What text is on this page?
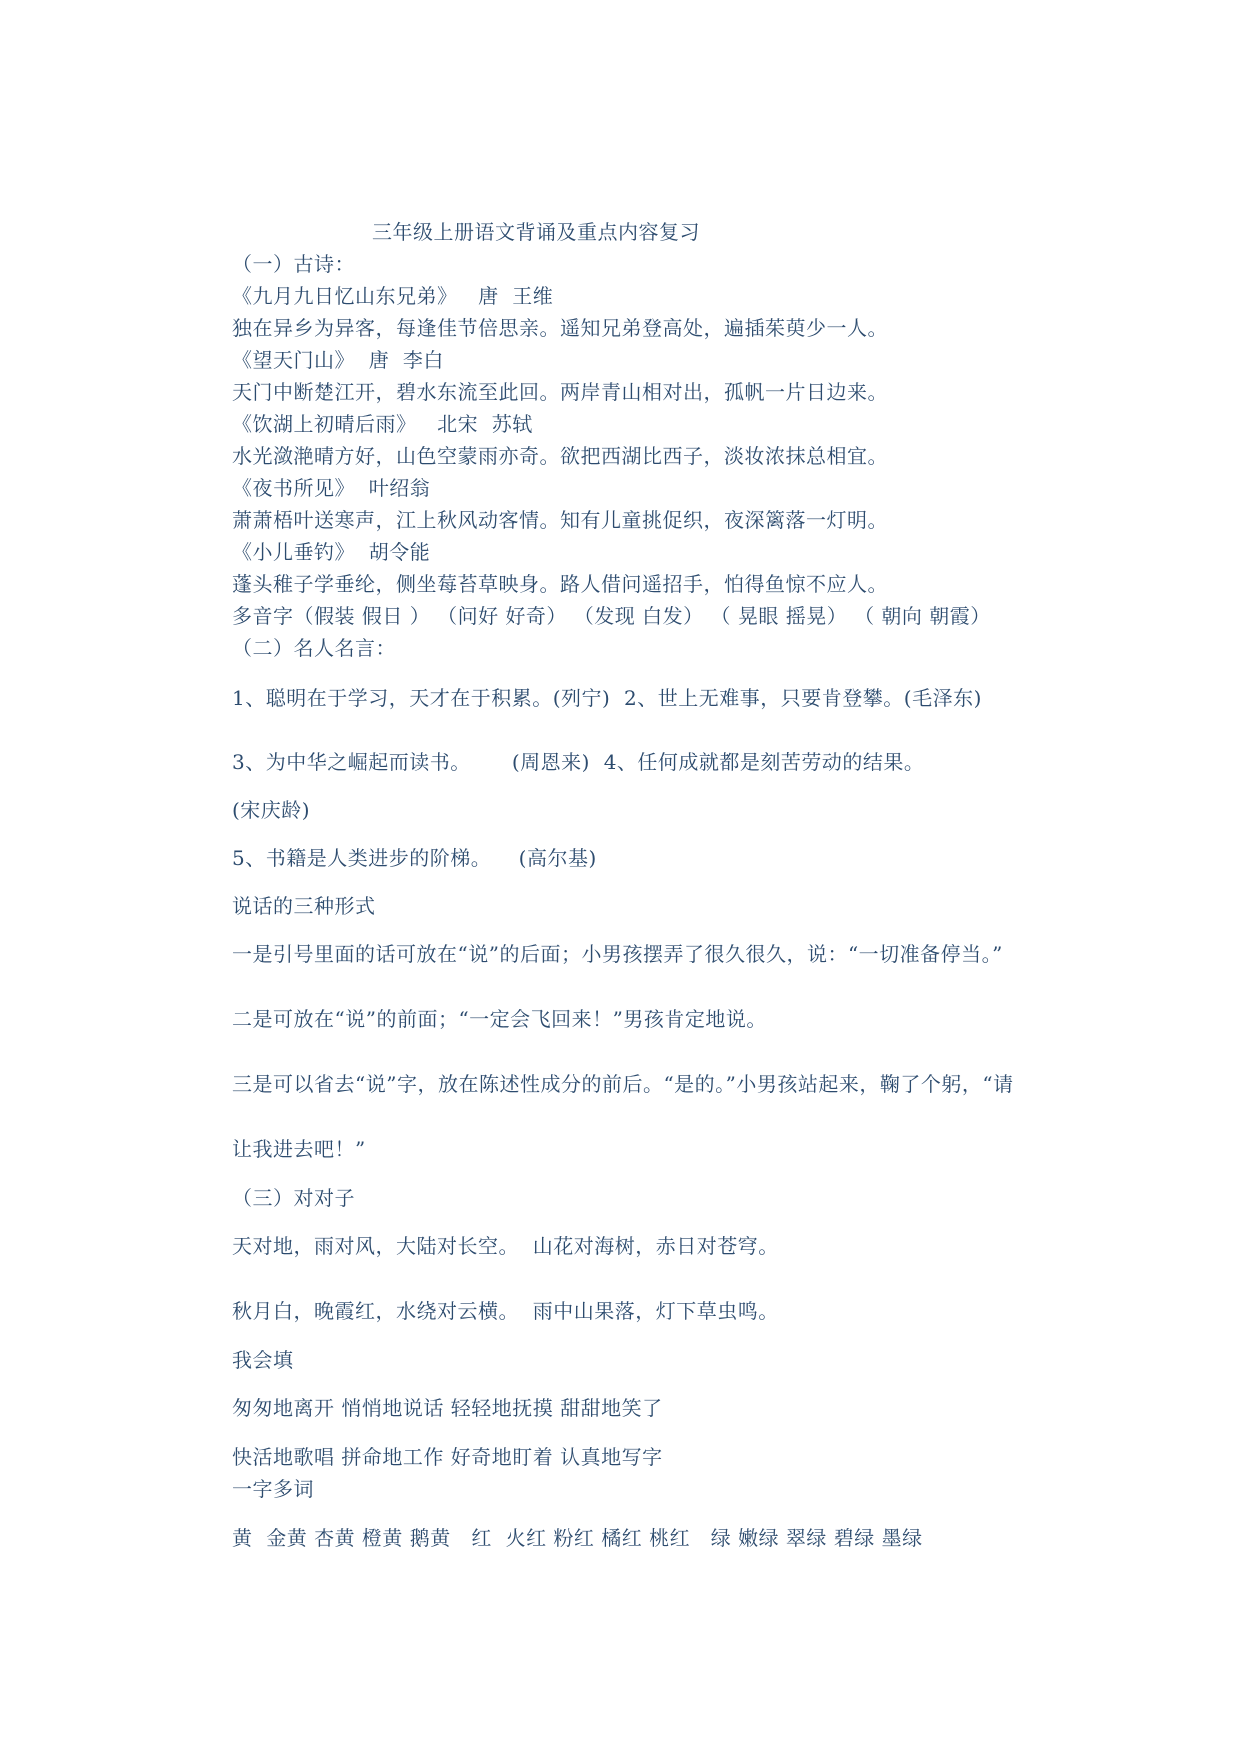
三年级上册语文背诵及重点内容复习
（一）古诗：
《九月九日忆山东兄弟》   唐  王维
独在异乡为异客，每逢佳节倍思亲。遥知兄弟登高处，遍插茱萸少一人。
《望天门山》  唐  李白
天门中断楚江开，碧水东流至此回。两岸青山相对出，孤帆一片日边来。
《饮湖上初晴后雨》   北宋  苏轼
水光潋滟晴方好，山色空蒙雨亦奇。欲把西湖比西子，淡妆浓抹总相宜。
《夜书所见》  叶绍翁
萧萧梧叶送寒声，江上秋风动客情。知有儿童挑促织，夜深篱落一灯明。
《小儿垂钓》  胡令能
蓬头稚子学垂纶，侧坐莓苔草映身。路人借问遥招手，怕得鱼惊不应人。
多音字（假装 假日 ） （问好 好奇） （发现 白发） （ 晃眼 摇晃） （ 朝向 朝霞）
（二）名人名言：
1、聪明在于学习，天才在于积累。(列宁)  2、世上无难事，只要肯登攀。(毛泽东)
3、为中华之崛起而读书。      (周恩来)  4、任何成就都是刻苦劳动的结果。
(宋庆龄)
5、书籍是人类进步的阶梯。    (高尔基)
说话的三种形式
一是引号里面的话可放在“说”的后面；小男孩摆弄了很久很久，说：“一切准备停当。”
二是可放在“说”的前面；“一定会飞回来！”男孩肯定地说。
三是可以省去“说”字，放在陈述性成分的前后。“是的。”小男孩站起来，鞠了个躬，“请
让我进去吧！”
（三）对对子
天对地，雨对风，大陆对长空。  山花对海树，赤日对苍穹。
秋月白，晚霞红，水绕对云横。  雨中山果落，灯下草虫鸣。
我会填
匆匆地离开 悄悄地说话 轻轻地抚摸 甜甜地笑了
快活地歌唱 拼命地工作 好奇地盯着 认真地写字
一字多词
黄  金黄 杏黄 橙黄 鹅黄   红  火红 粉红 橘红 桃红   绿 嫩绿 翠绿 碧绿 墨绿
